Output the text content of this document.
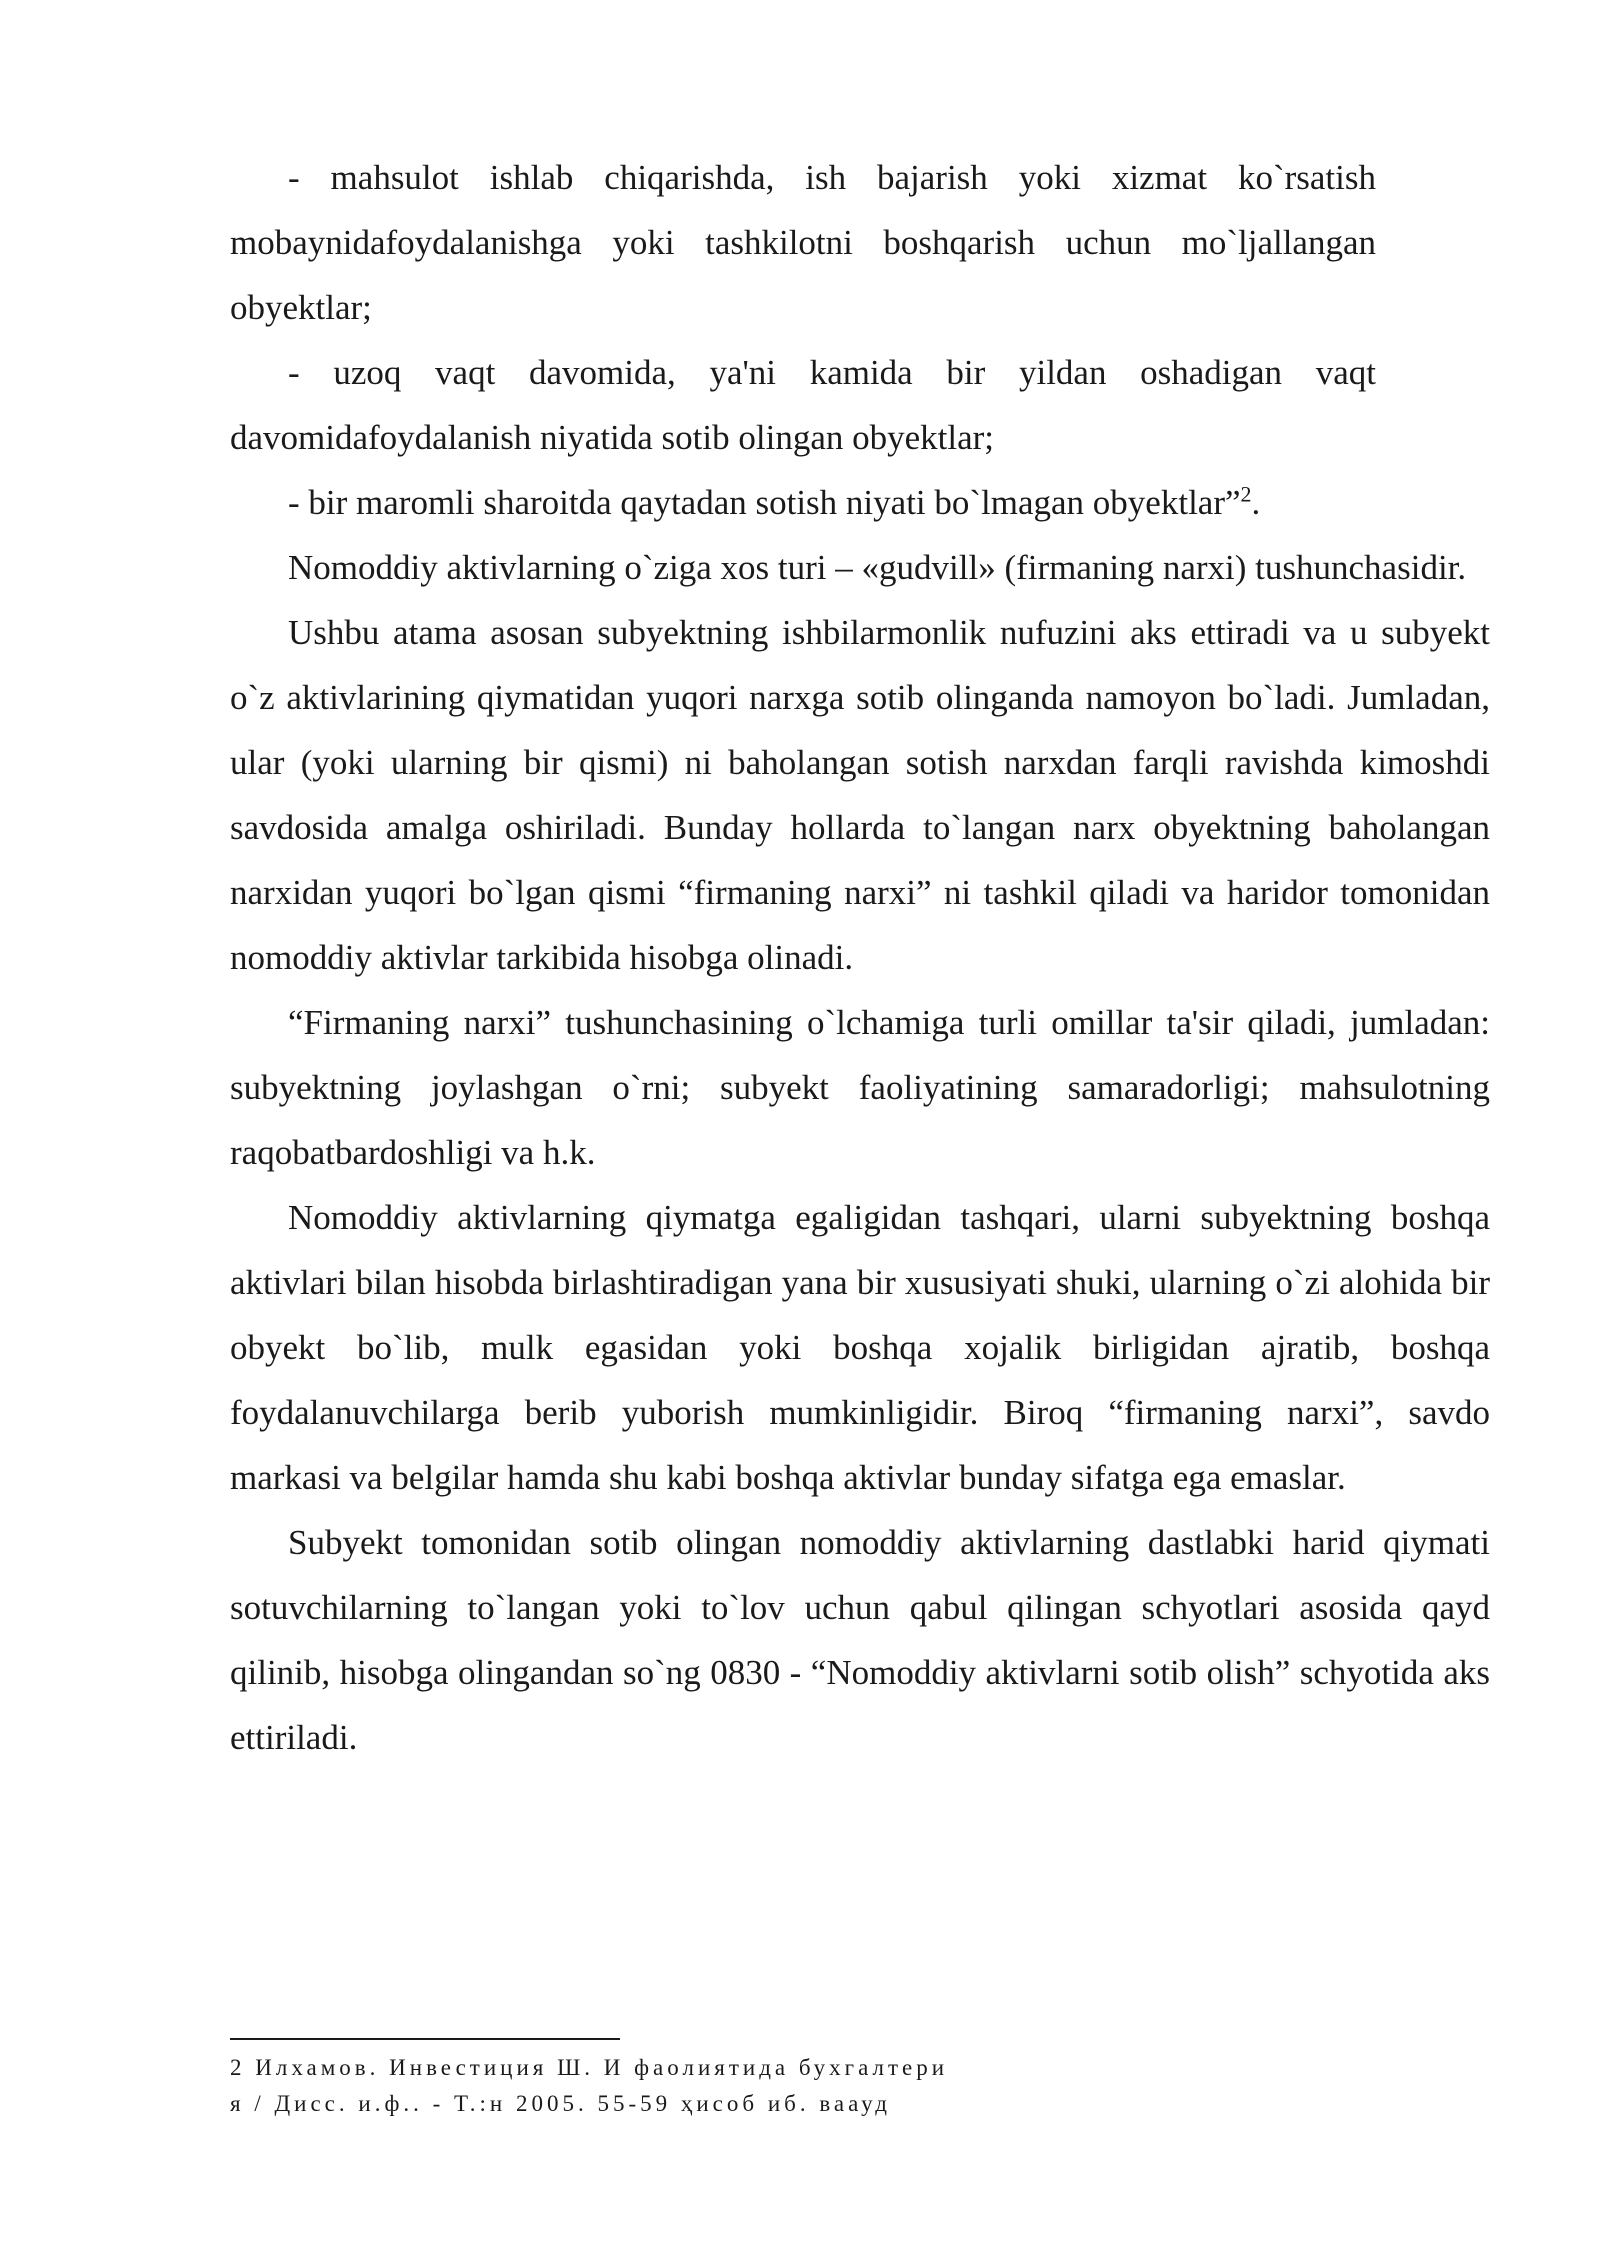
- mahsulot ishlab chiqarishda, ish bajarish yoki xizmat ko`rsatish mobaynidafoydalanishga yoki tashkilotni boshqarish uchun mo`ljallangan obyektlar;

- uzoq vaqt davomida, ya'ni kamida bir yildan oshadigan vaqt davomidafoydalanish niyatida sotib olingan obyektlar;

- bir maromli sharoitda qaytadan sotish niyati bo`lmagan obyektlar”$^2$.

Nomoddiy aktivlarning o`ziga xos turi – «gudvill» (firmaning narxi) tushunchasidir.

Ushbu atama asosan subyektning ishbilarmonlik nufuzini aks ettiradi va u subyekt o`z aktivlarining qiymatidan yuqori narxga sotib olinganda namoyon bo`ladi. Jumladan, ular (yoki ularning bir qismi) ni baholangan sotish narxdan farqli ravishda kimoshdi savdosida amalga oshiriladi. Bunday hollarda to`langan narx obyektning baholangan narxidan yuqori bo`lgan qismi “firmaning narxi” ni tashkil qiladi va haridor tomonidan nomoddiy aktivlar tarkibida hisobga olinadi.

“Firmaning narxi” tushunchasining o`lchamiga turli omillar ta'sir qiladi, jumladan: subyektning joylashgan o`rni; subyekt faoliyatining samaradorligi; mahsulotning raqobatbardoshligi va h.k.

Nomoddiy aktivlarning qiymatga egaligidan tashqari, ularni subyektning boshqa aktivlari bilan hisobda birlashtiradigan yana bir xususiyati shuki, ularning o`zi alohida bir obyekt bo`lib, mulk egasidan yoki boshqa xojalik birligidan ajratib, boshqa foydalanuvchilarga berib yuborish mumkinligidir. Biroq “firmaning narxi”, savdo markasi va belgilar hamda shu kabi boshqa aktivlar bunday sifatga ega emaslar.

Subyekt tomonidan sotib olingan nomoddiy aktivlarning dastlabki harid qiymati sotuvchilarning to`langan yoki to`lov uchun qabul qilingan schyotlari asosida qayd qilinib, hisobga olingandan so`ng 0830 - “Nomoddiy aktivlarni sotib olish” schyotida aks ettiriladi.

2 Илхамов. Инвестиция Ш. И фаолиятида бухгалтери
я / Дисс. и.ф.. - Т.:н 2005. 55-59 ҳисоб иб. ваауд
